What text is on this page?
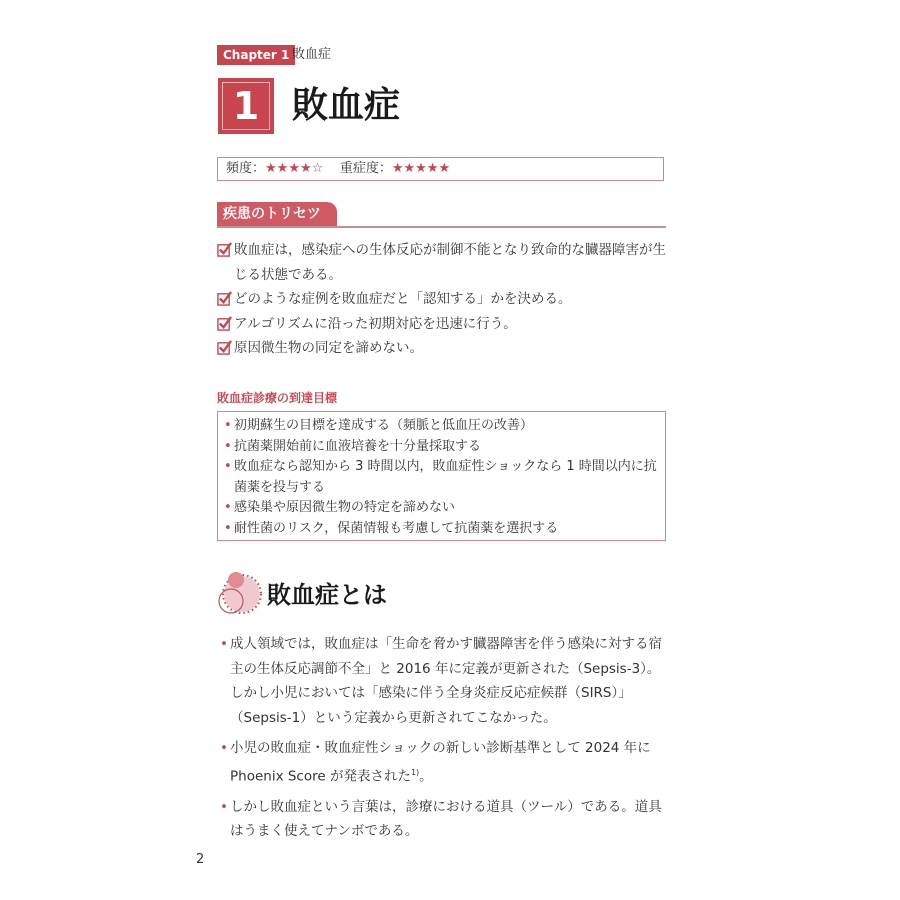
Chapter 1 敗血症
1 敗血症
頻度：★★★★☆ 重症度：★★★★★
疾患のトリセツ
敗血症は，感染症への生体反応が制御不能となり致命的な臓器障害が生じる状態である。
どのような症例を敗血症だと「認知する」かを決める。
アルゴリズムに沿った初期対応を迅速に行う。
原因微生物の同定を諦めない。
敗血症診療の到達目標
• 初期蘇生の目標を達成する（頻脈と低血圧の改善）
• 抗菌薬開始前に血液培養を十分量採取する
• 敗血症なら認知から 3 時間以内，敗血症性ショックなら 1 時間以内に抗菌薬を投与する
• 感染巣や原因微生物の特定を諦めない
• 耐性菌のリスク，保菌情報も考慮して抗菌薬を選択する
敗血症とは
• 成人領域では，敗血症は「生命を脅かす臓器障害を伴う感染に対する宿主の生体反応調節不全」と 2016 年に定義が更新された（Sepsis-3）。しかし小児においては「感染に伴う全身炎症反応症候群（SIRS）」（Sepsis-1）という定義から更新されてこなかった。
• 小児の敗血症・敗血症性ショックの新しい診断基準として 2024 年に Phoenix Score が発表された$^{1)}$。
• しかし敗血症という言葉は，診療における道具（ツール）である。道具はうまく使えてナンボである。
2
